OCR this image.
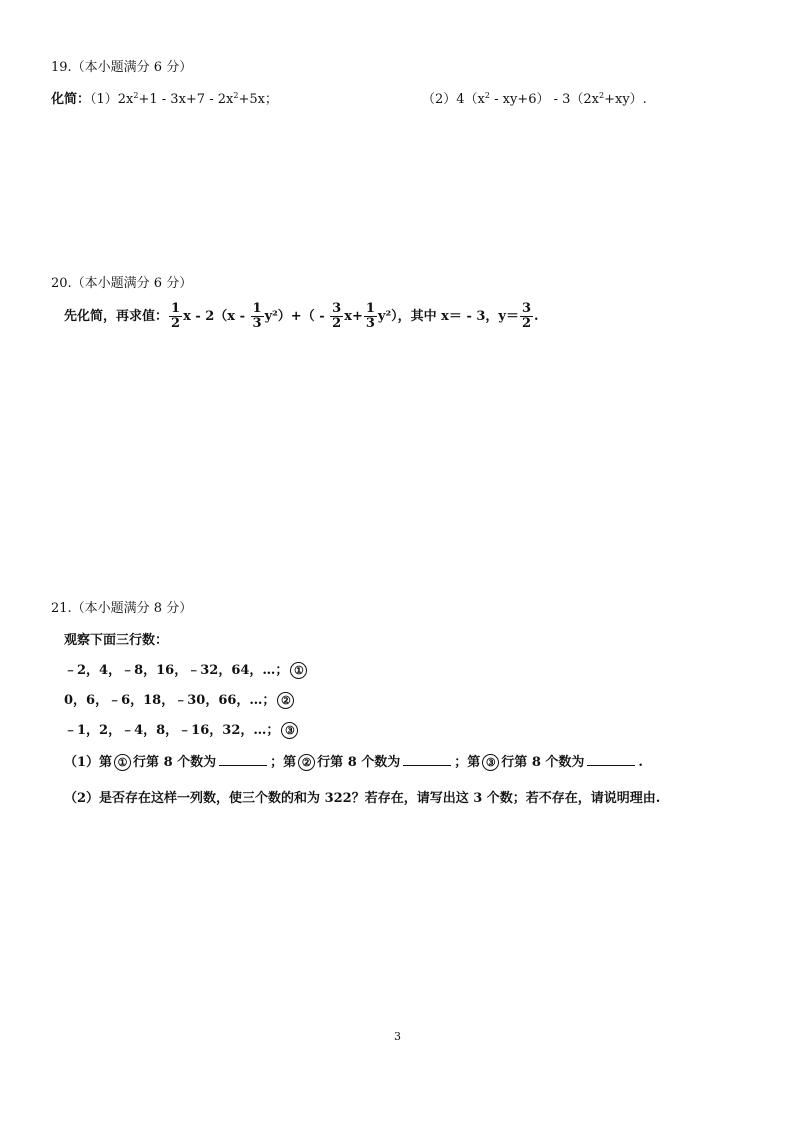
19.（本小题满分 6 分）
化简：$(1)2x^2+1 - 3x+7 - 2x^2+5x$；	$(2)4(x^2 - xy+6) - 3(2x^2+xy)$.
20.（本小题满分 6 分）
先化简，再求值： $\frac{1}{2}$ $x - 2(x - \frac{1}{3} y^2)+( - \frac{3}{2} x+ \frac{1}{3} y^2)$，其中 x＝ - 3，$y= \frac{3}{2}$ .
21.（本小题满分 8 分）
观察下面三行数：
﹣2，4，﹣8，16，﹣32，64，…； ①
0，6，﹣6，18，﹣30，66，…； ②
﹣1，2，﹣4，8，﹣16，32，…； ③
（1）第 ① 行第 8 个数为	；第 ② 行第 8 个数为	；第 ③ 行第 8 个数为	.
（2）是否存在这样一列数，使三个数的和为 322？若存在，请写出这 3 个数；若不存在，请说明理由.
3
